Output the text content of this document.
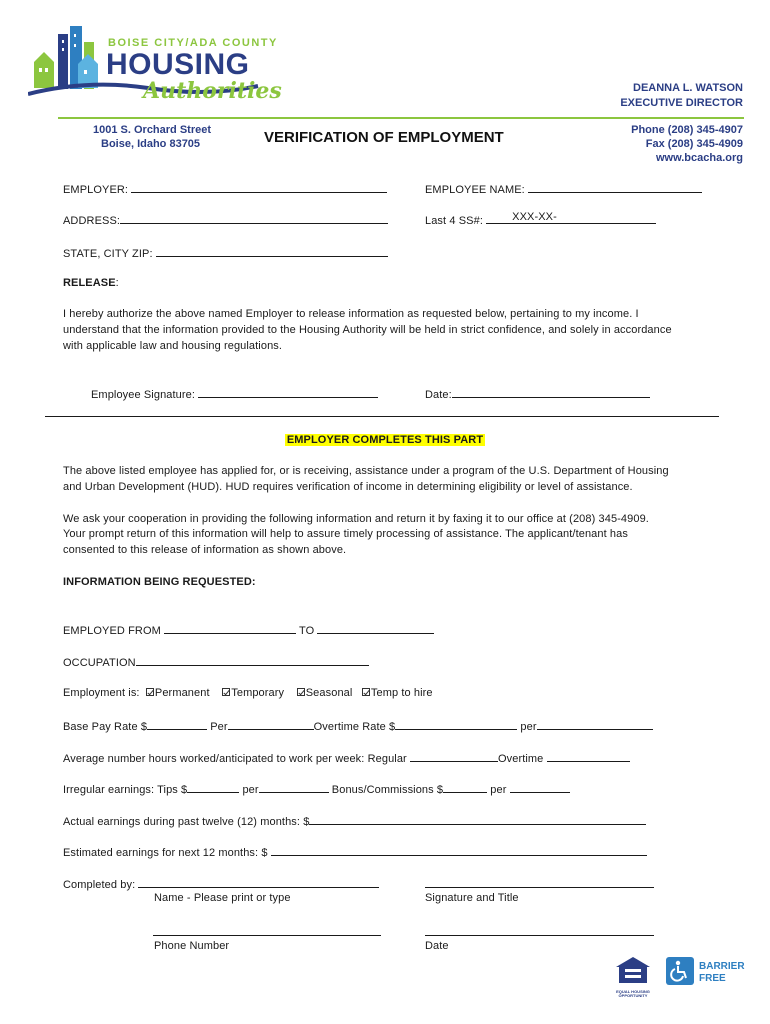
BOISE CITY/ADA COUNTY
HOUSING
Authorities	DEANNA L. WATSON
EXECUTIVE DIRECTOR
1001 S. Orchard Street
Boise, Idaho 83705	VERIFICATION OF EMPLOYMENT	Phone (208) 345-4907
Fax (208) 345-4909
www.bcacha.org
EMPLOYER:	EMPLOYEE NAME:
ADDRESS:	Last 4 SS#:	XXX-XX-
STATE, CITY ZIP:
RELEASE:
I hereby authorize the above named Employer to release information as requested below, pertaining to my income. I
understand that the information provided to the Housing Authority will be held in strict confidence, and solely in accordance
with applicable law and housing regulations.
Employee Signature:	Date:
EMPLOYER COMPLETES THIS PART
The above listed employee has applied for, or is receiving, assistance under a program of the U.S. Department of Housing
and Urban Development (HUD). HUD requires verification of income in determining eligibility or level of assistance.
We ask your cooperation in providing the following information and return it by faxing it to our office at (208) 345-4909.
Your prompt return of this information will help to assure timely processing of assistance. The applicant/tenant has
consented to this release of information as shown above.
INFORMATION BEING REQUESTED:
EMPLOYED FROM	TO
OCCUPATION
Employment is: Permanent Temporary Seasonal Temp to hire
Base Pay Rate $	Per	Overtime Rate $	per
Average number hours worked/anticipated to work per week: Regular	Overtime
Irregular earnings: Tips $	per	Bonus/Commissions $	per
Actual earnings during past twelve (12) months: $
Estimated earnings for next 12 months: $
Completed by:
Name - Please print or type	Signature and Title
Phone Number	Date
EQUAL HOUSING OPPORTUNITY
BARRIER
FREE
